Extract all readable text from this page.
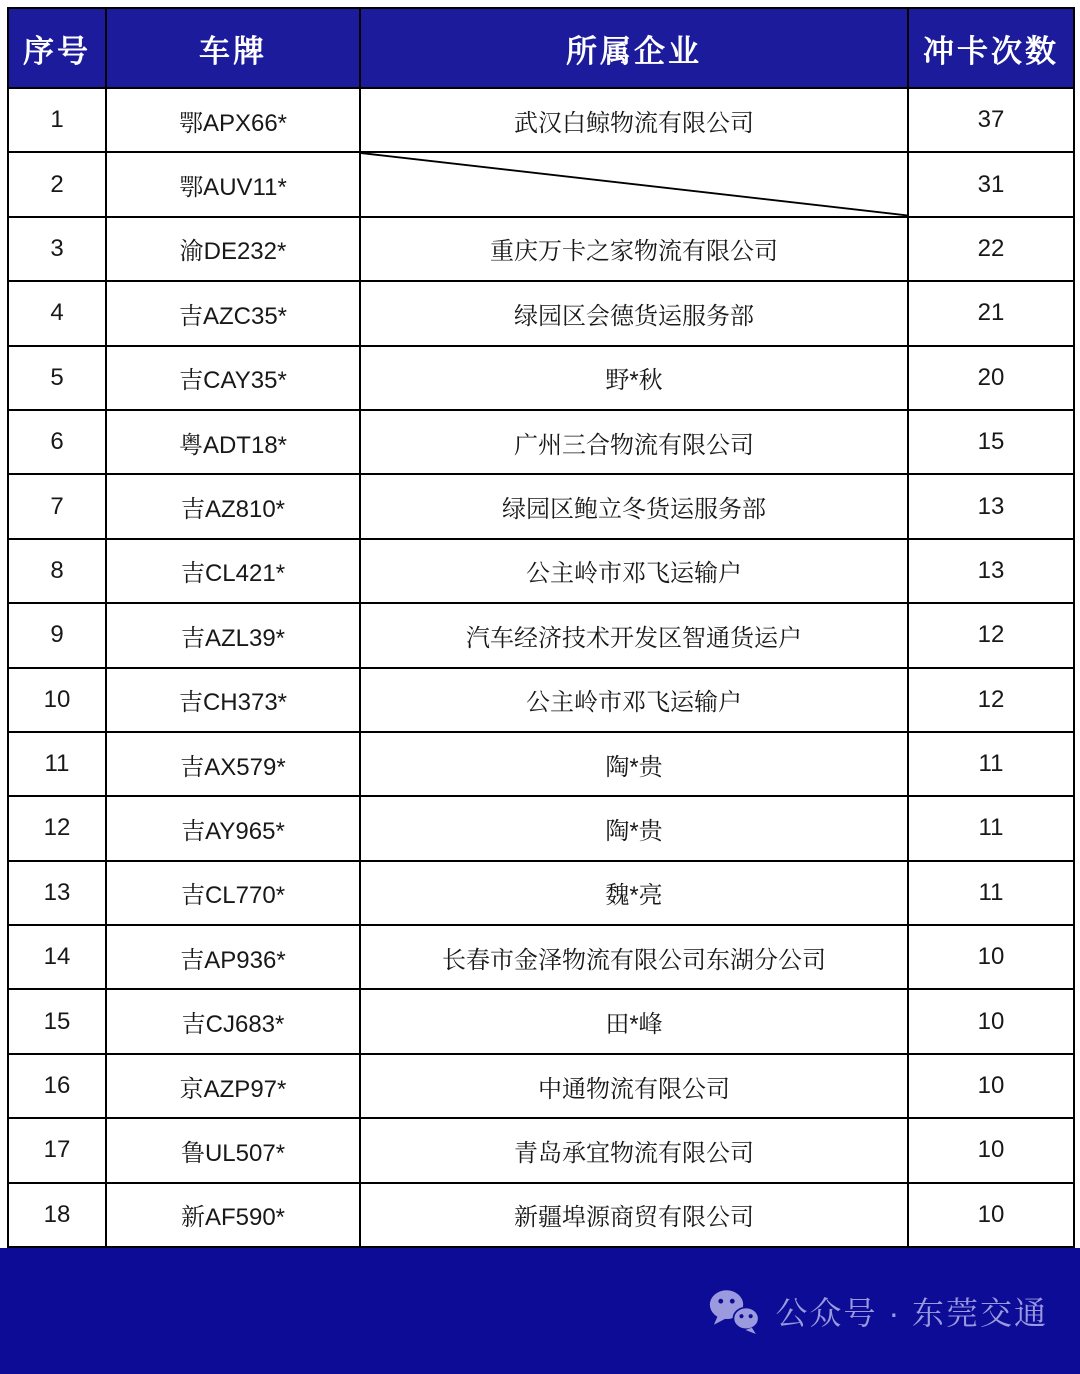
序号	车牌	所属企业	冲卡次数
1	鄂APX66*	武汉白鲸物流有限公司	37
2	鄂AUV11*		31
3	渝DE232*	重庆万卡之家物流有限公司	22
4	吉AZC35*	绿园区会德货运服务部	21
5	吉CAY35*	野*秋	20
6	粤ADT18*	广州三合物流有限公司	15
7	吉AZ810*	绿园区鲍立冬货运服务部	13
8	吉CL421*	公主岭市邓飞运输户	13
9	吉AZL39*	汽车经济技术开发区智通货运户	12
10	吉CH373*	公主岭市邓飞运输户	12
11	吉AX579*	陶*贵	11
12	吉AY965*	陶*贵	11
13	吉CL770*	魏*亮	11
14	吉AP936*	长春市金泽物流有限公司东湖分公司	10
15	吉CJ683*	田*峰	10
16	京AZP97*	中通物流有限公司	10
17	鲁UL507*	青岛承宜物流有限公司	10
18	新AF590*	新疆埠源商贸有限公司	10
公众号 · 东莞交通
